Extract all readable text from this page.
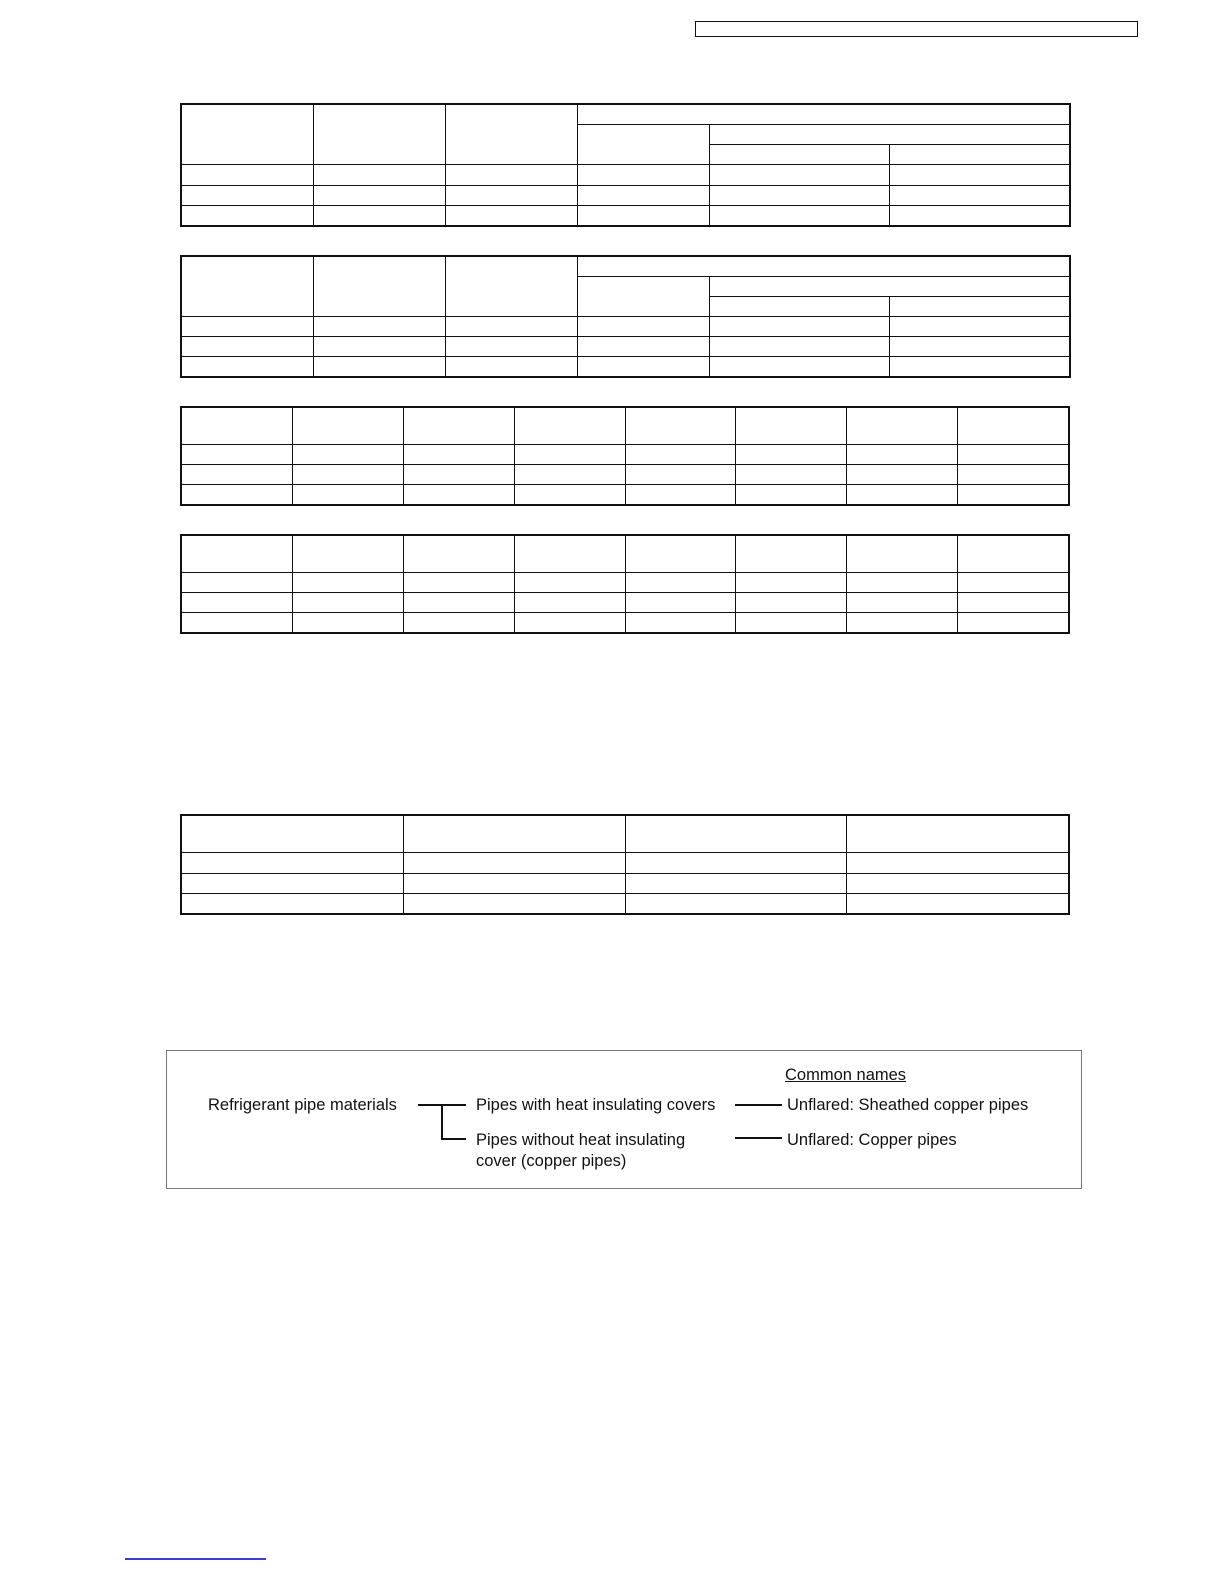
Common names
Refrigerant pipe materials	Pipes with heat insulating covers
Pipes without heat insulating
cover (copper pipes)
Unflared: Sheathed copper pipes
Unflared: Copper pipes
